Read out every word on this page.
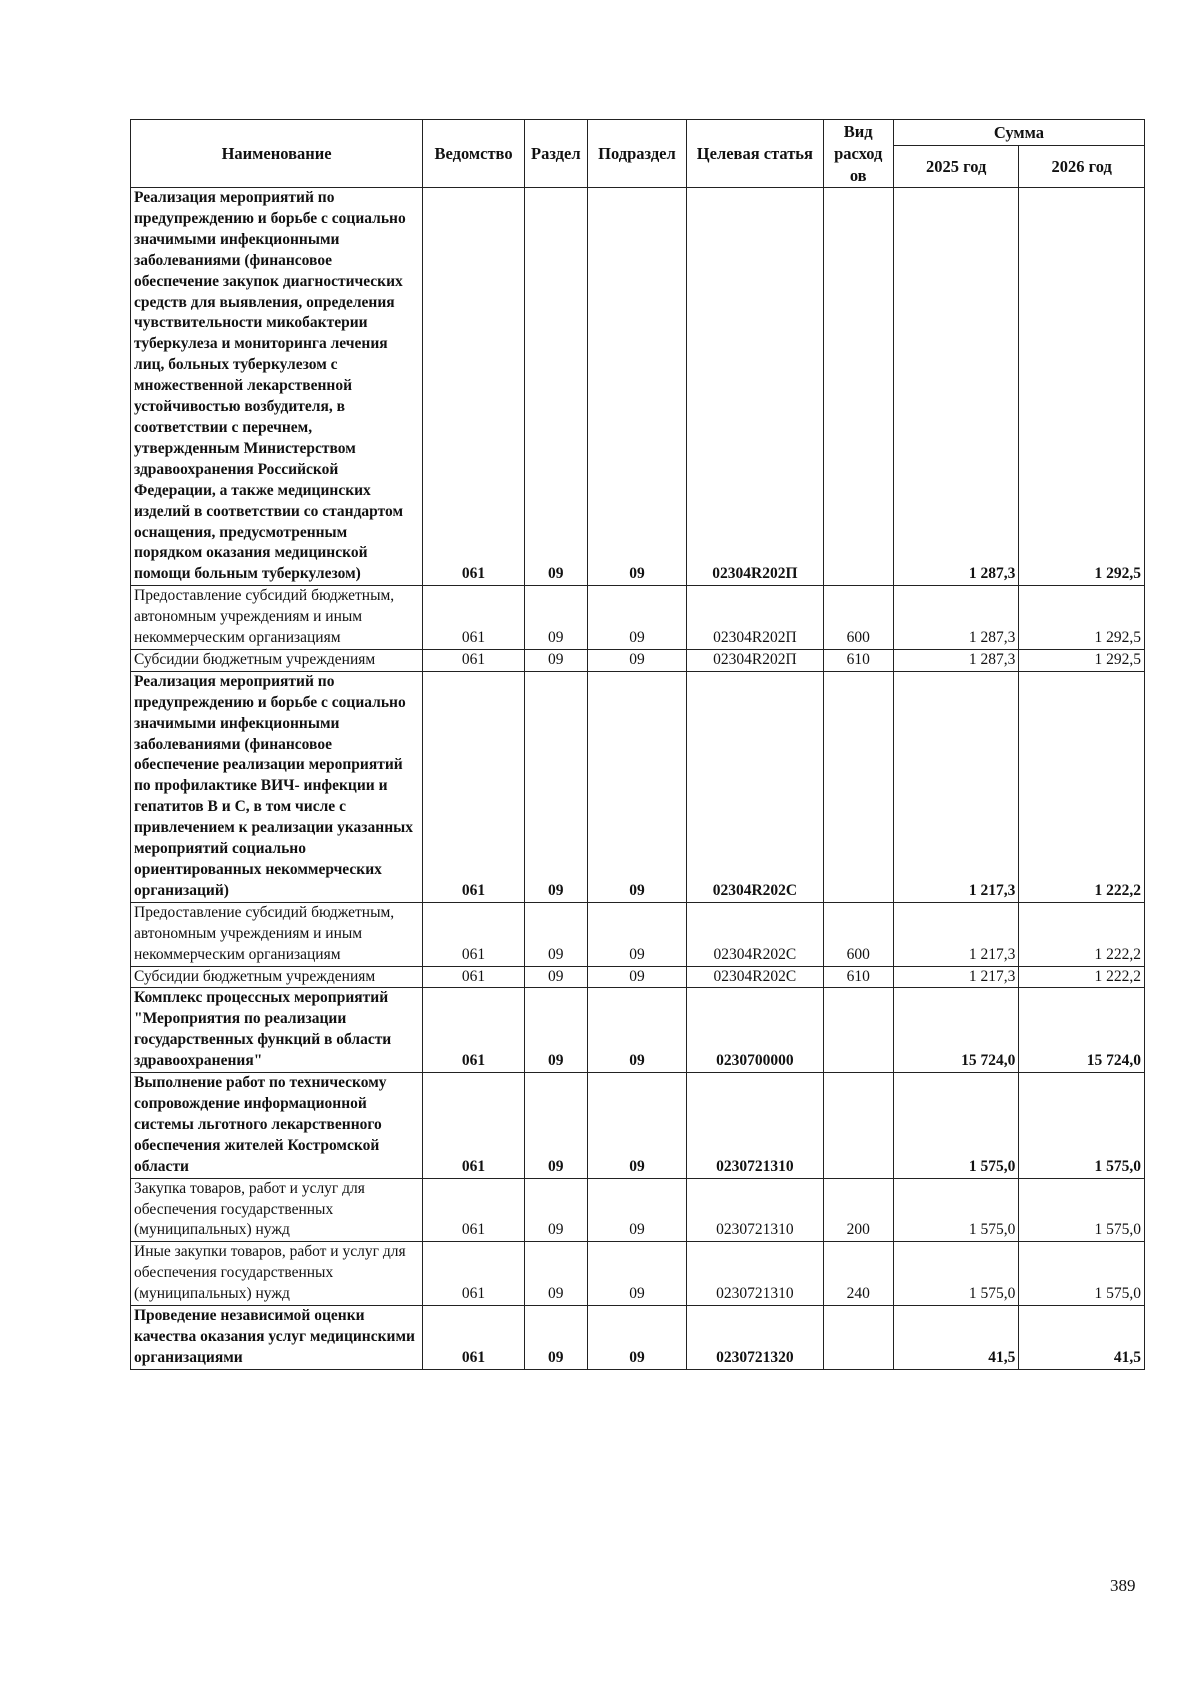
Наименование	Ведомство	Раздел	Подраздел	Целевая статья	Вид расход ов	Сумма	
						2025 год	2026 год
Реализация мероприятий по предупреждению и борьбе с социально значимыми инфекционными заболеваниями (финансовое обеспечение закупок диагностических средств для выявления, определения чувствительности микобактерии туберкулеза и мониторинга лечения лиц, больных туберкулезом с множественной лекарственной устойчивостью возбудителя, в соответствии с перечнем, утвержденным Министерством здравоохранения Российской Федерации, а также медицинских изделий в соответствии со стандартом оснащения, предусмотренным порядком оказания медицинской помощи больным туберкулезом)	061	09	09	02304R202П		1 287,3	1 292,5
Предоставление субсидий бюджетным, автономным учреждениям и иным некоммерческим организациям	061	09	09	02304R202П	600	1 287,3	1 292,5
Субсидии бюджетным учреждениям	061	09	09	02304R202П	610	1 287,3	1 292,5
Реализация мероприятий по предупреждению и борьбе с социально значимыми инфекционными заболеваниями (финансовое обеспечение реализации мероприятий по профилактике ВИЧ- инфекции и гепатитов В и С, в том числе с привлечением к реализации указанных мероприятий социально ориентированных некоммерческих организаций)	061	09	09	02304R202C		1 217,3	1 222,2
Предоставление субсидий бюджетным, автономным учреждениям и иным некоммерческим организациям	061	09	09	02304R202C	600	1 217,3	1 222,2
Субсидии бюджетным учреждениям	061	09	09	02304R202C	610	1 217,3	1 222,2
Комплекс процессных мероприятий "Мероприятия по реализации государственных функций в области здравоохранения"	061	09	09	0230700000		15 724,0	15 724,0
Выполнение работ по техническому сопровождение информационной системы льготного лекарственного обеспечения жителей Костромской области	061	09	09	0230721310		1 575,0	1 575,0
Закупка товаров, работ и услуг для обеспечения государственных (муниципальных) нужд	061	09	09	0230721310	200	1 575,0	1 575,0
Иные закупки товаров, работ и услуг для обеспечения государственных (муниципальных) нужд	061	09	09	0230721310	240	1 575,0	1 575,0
Проведение независимой оценки качества оказания услуг медицинскими организациями	061	09	09	0230721320		41,5	41,5
389
